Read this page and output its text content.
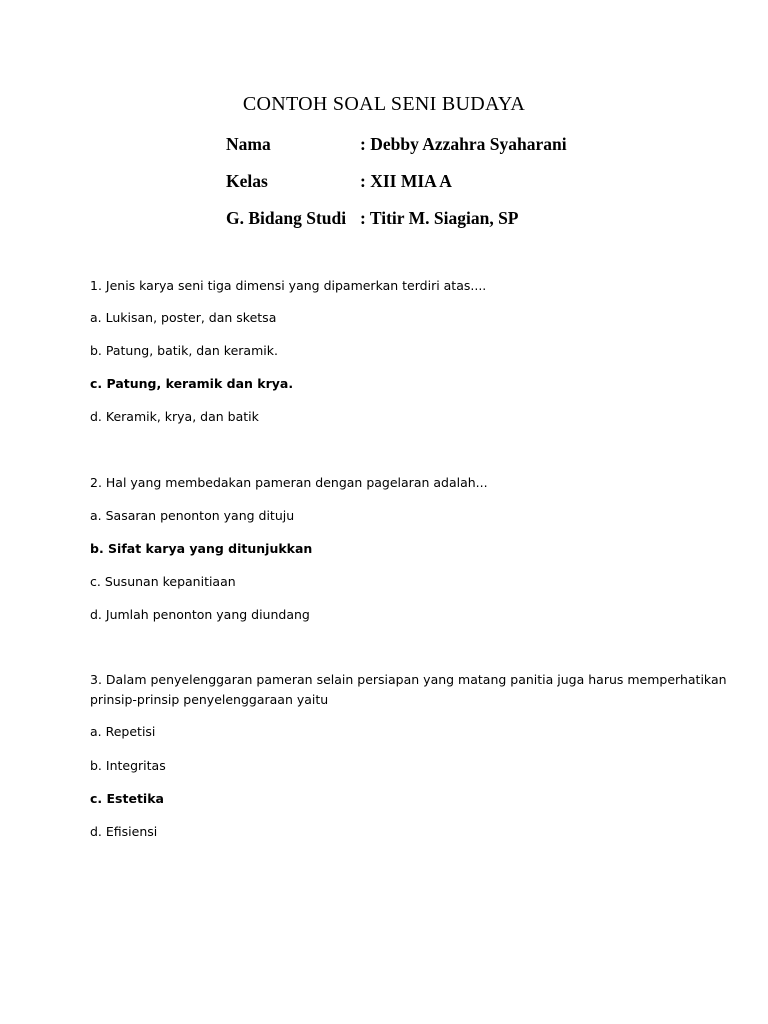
CONTOH SOAL SENI BUDAYA
Nama	: Debby Azzahra Syaharani
Kelas	: XII MIA A
G. Bidang Studi : Titir M. Siagian, SP
1. Jenis karya seni tiga dimensi yang dipamerkan terdiri atas....
a. Lukisan, poster, dan sketsa
b. Patung, batik, dan keramik.
c. Patung, keramik dan krya.
d. Keramik, krya, dan batik
2. Hal yang membedakan pameran dengan pagelaran adalah...
a. Sasaran penonton yang dituju
b. Sifat karya yang ditunjukkan
c. Susunan kepanitiaan
d. Jumlah penonton yang diundang
3. Dalam penyelenggaran pameran selain persiapan yang matang panitia juga harus memperhatikan
prinsip-prinsip penyelenggaraan yaitu
a. Repetisi
b. Integritas
c. Estetika
d. Efisiensi
